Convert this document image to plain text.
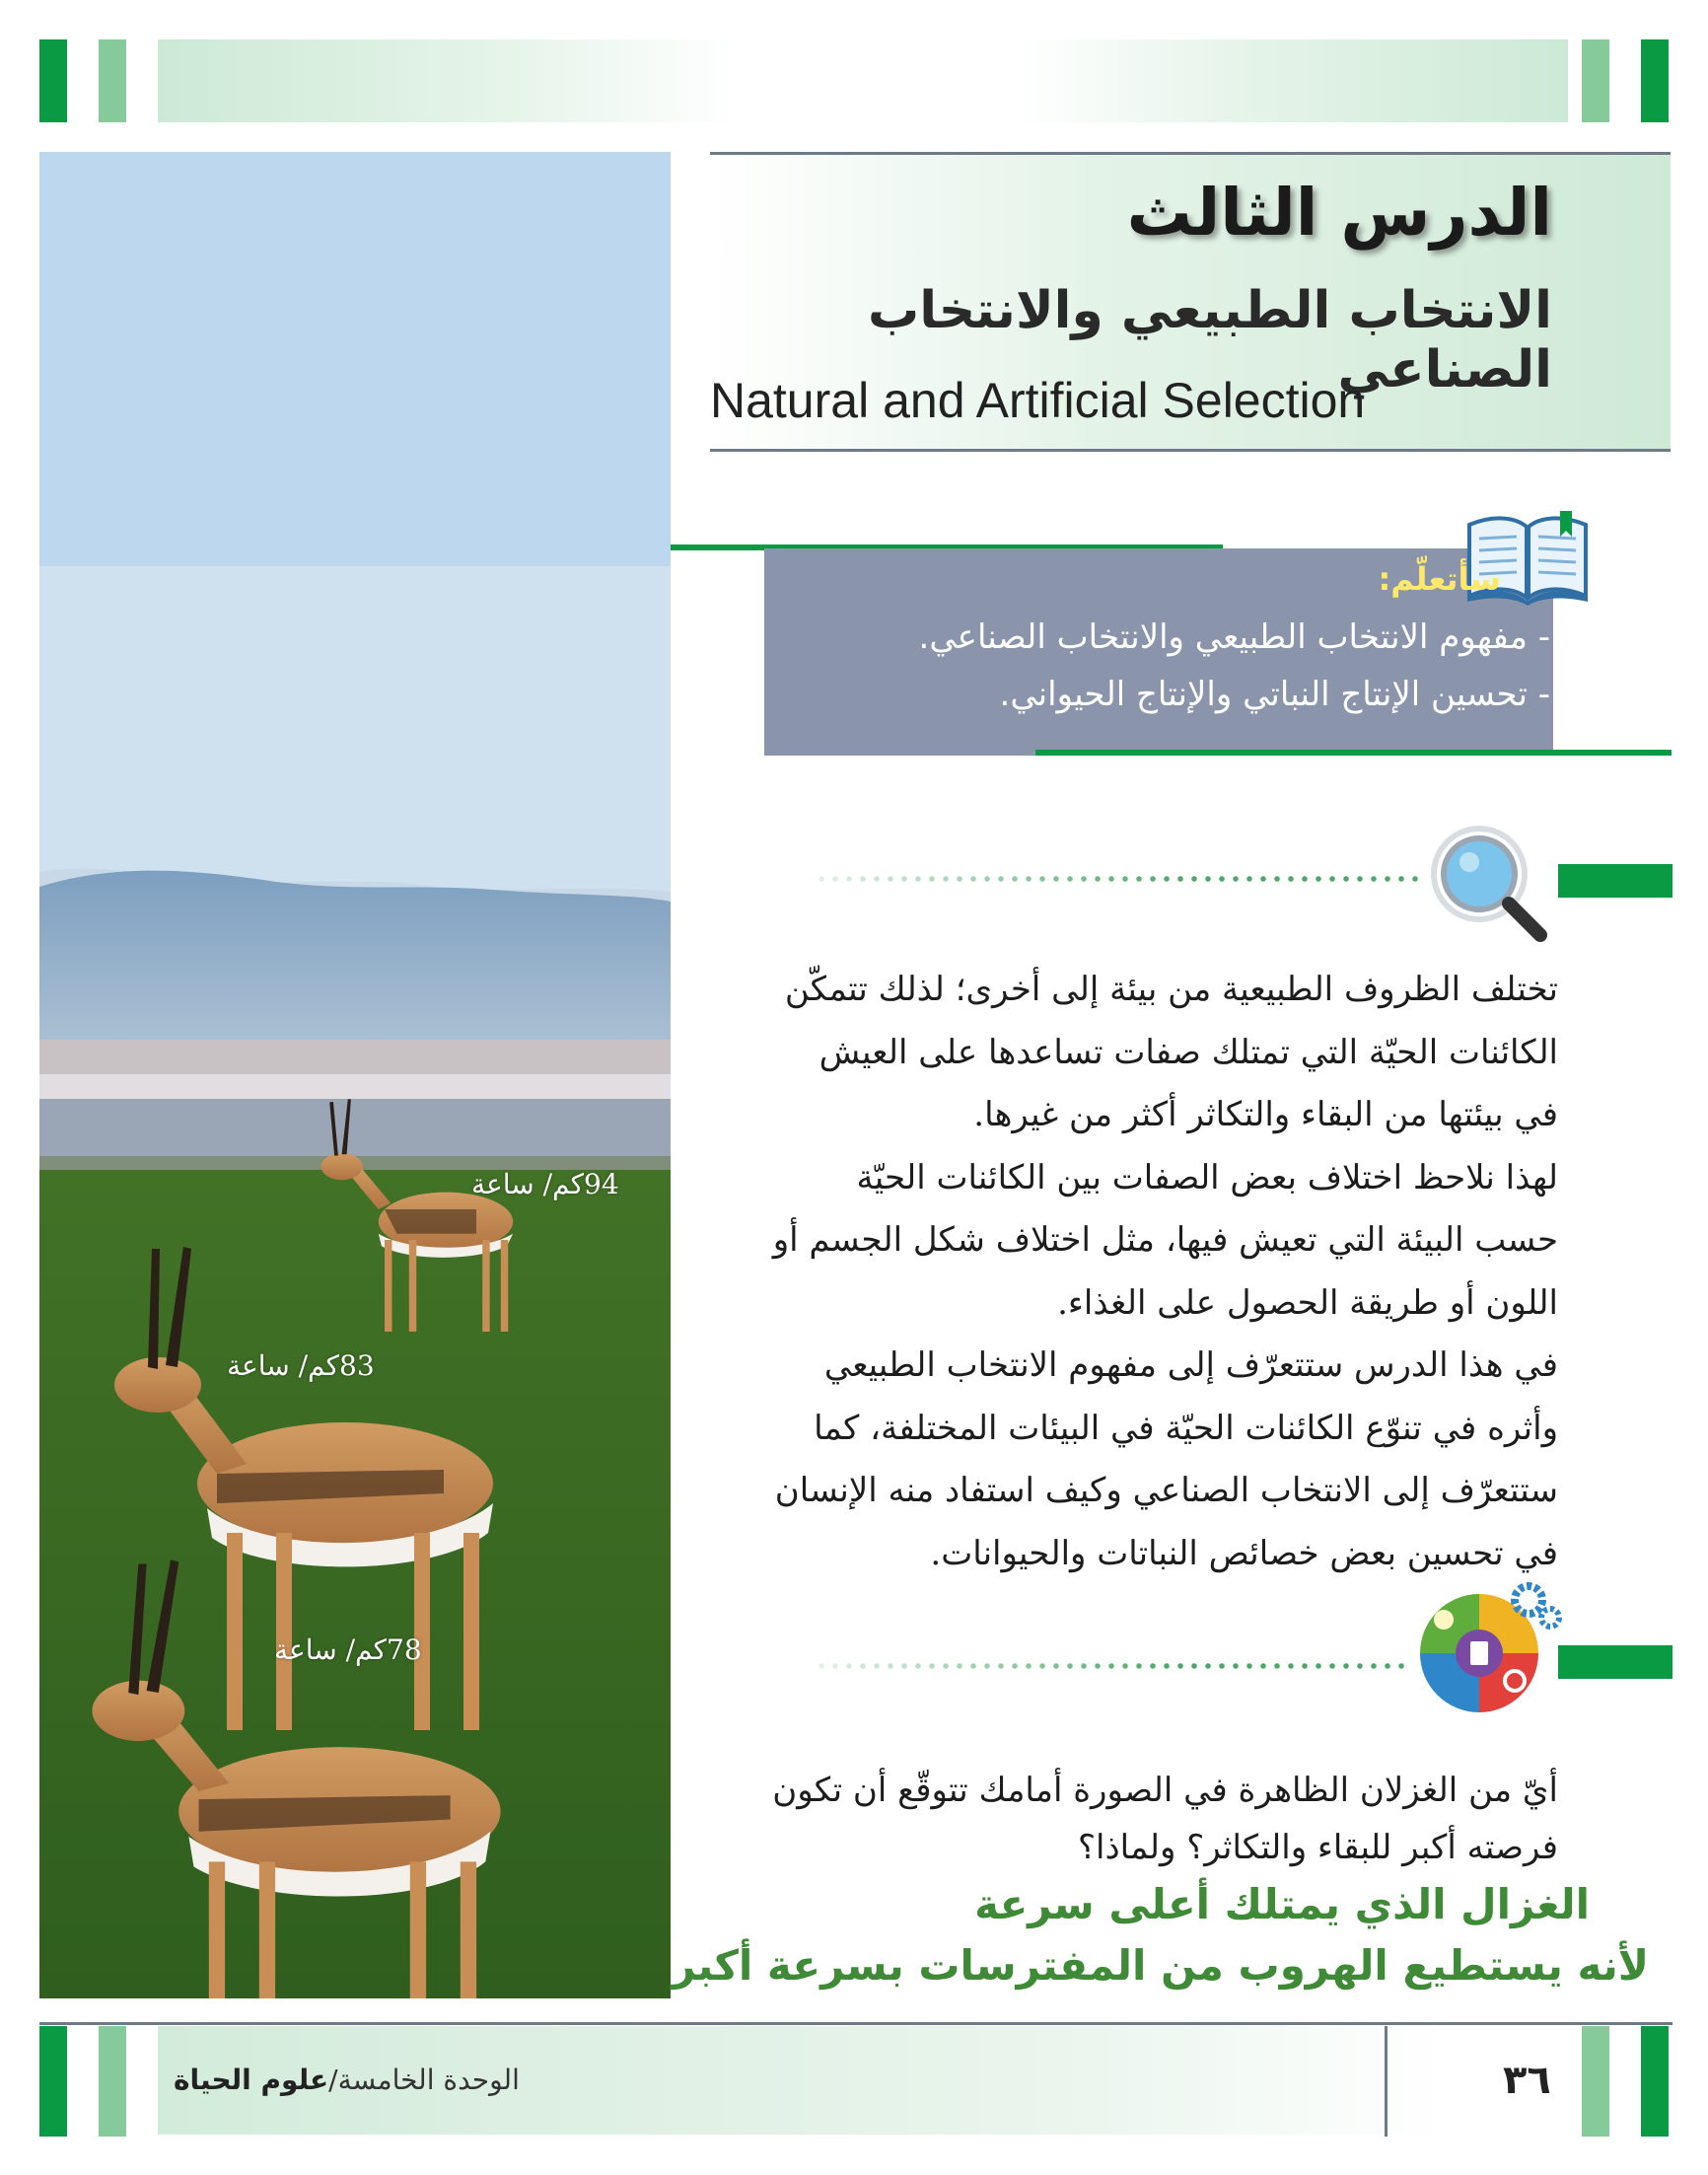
94كم/ ساعة
83كم/ ساعة
78كم/ ساعة
الدرس الثالث
الانتخاب الطبيعي والانتخاب الصناعي
Natural and Artificial Selection
سأتعلّم:
- مفهوم الانتخاب الطبيعي والانتخاب الصناعي.
- تحسين الإنتاج النباتي والإنتاج الحيواني.

تختلف الظروف الطبيعية من بيئة إلى أخرى؛ لذلك تتمكّن الكائنات الحيّة التي تمتلك صفات تساعدها على العيش في بيئتها من البقاء والتكاثر أكثر من غيرها.

لهذا نلاحظ اختلاف بعض الصفات بين الكائنات الحيّة حسب البيئة التي تعيش فيها، مثل اختلاف شكل الجسم أو اللون أو طريقة الحصول على الغذاء.

في هذا الدرس ستتعرّف إلى مفهوم الانتخاب الطبيعي وأثره في تنوّع الكائنات الحيّة في البيئات المختلفة، كما ستتعرّف إلى الانتخاب الصناعي وكيف استفاد منه الإنسان في تحسين بعض خصائص النباتات والحيوانات.

أيّ من الغزلان الظاهرة في الصورة أمامك تتوقّع أن تكون فرصته أكبر للبقاء والتكاثر؟ ولماذا؟
الغزال الذي يمتلك أعلى سرعة
لأنه يستطيع الهروب من المفترسات بسرعة أكبر
الوحدة الخامسة/علوم الحياة	٣٦
